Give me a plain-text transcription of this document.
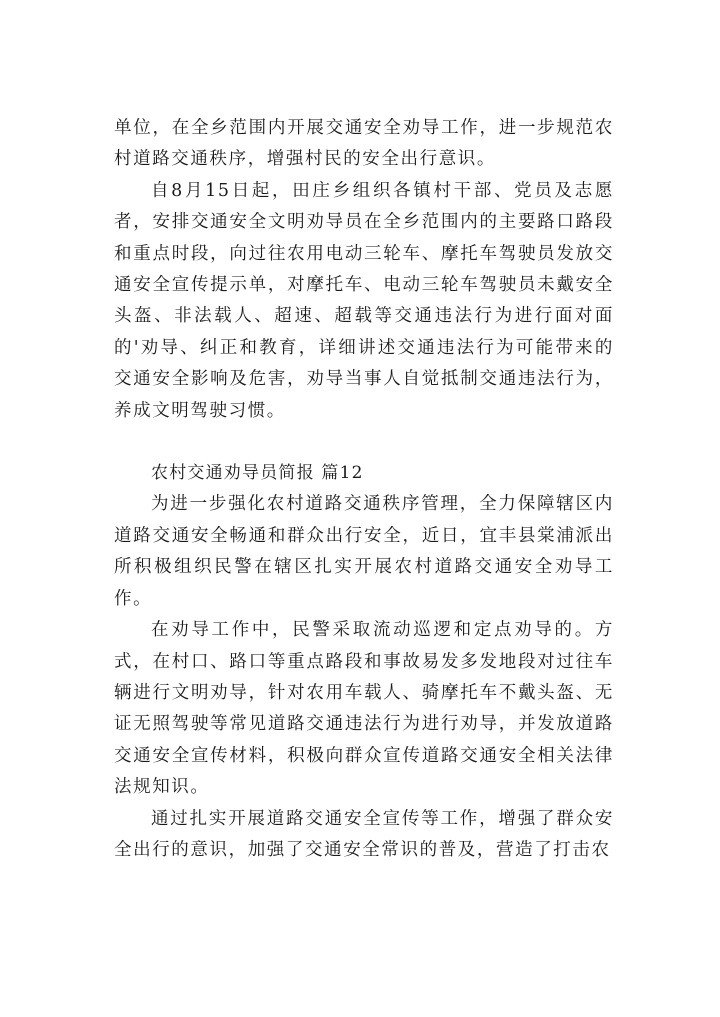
单位，在全乡范围内开展交通安全劝导工作，进一步规范农村道路交通秩序，增强村民的安全出行意识。

自8月15日起，田庄乡组织各镇村干部、党员及志愿者，安排交通安全文明劝导员在全乡范围内的主要路口路段和重点时段，向过往农用电动三轮车、摩托车驾驶员发放交通安全宣传提示单，对摩托车、电动三轮车驾驶员未戴安全头盔、非法载人、超速、超载等交通违法行为进行面对面的'劝导、纠正和教育，详细讲述交通违法行为可能带来的交通安全影响及危害，劝导当事人自觉抵制交通违法行为，养成文明驾驶习惯。

农村交通劝导员简报 篇12

为进一步强化农村道路交通秩序管理，全力保障辖区内道路交通安全畅通和群众出行安全，近日，宜丰县棠浦派出所积极组织民警在辖区扎实开展农村道路交通安全劝导工作。

在劝导工作中，民警采取流动巡逻和定点劝导的。方式，在村口、路口等重点路段和事故易发多发地段对过往车辆进行文明劝导，针对农用车载人、骑摩托车不戴头盔、无证无照驾驶等常见道路交通违法行为进行劝导，并发放道路交通安全宣传材料，积极向群众宣传道路交通安全相关法律法规知识。

通过扎实开展道路交通安全宣传等工作，增强了群众安全出行的意识，加强了交通安全常识的普及，营造了打击农
